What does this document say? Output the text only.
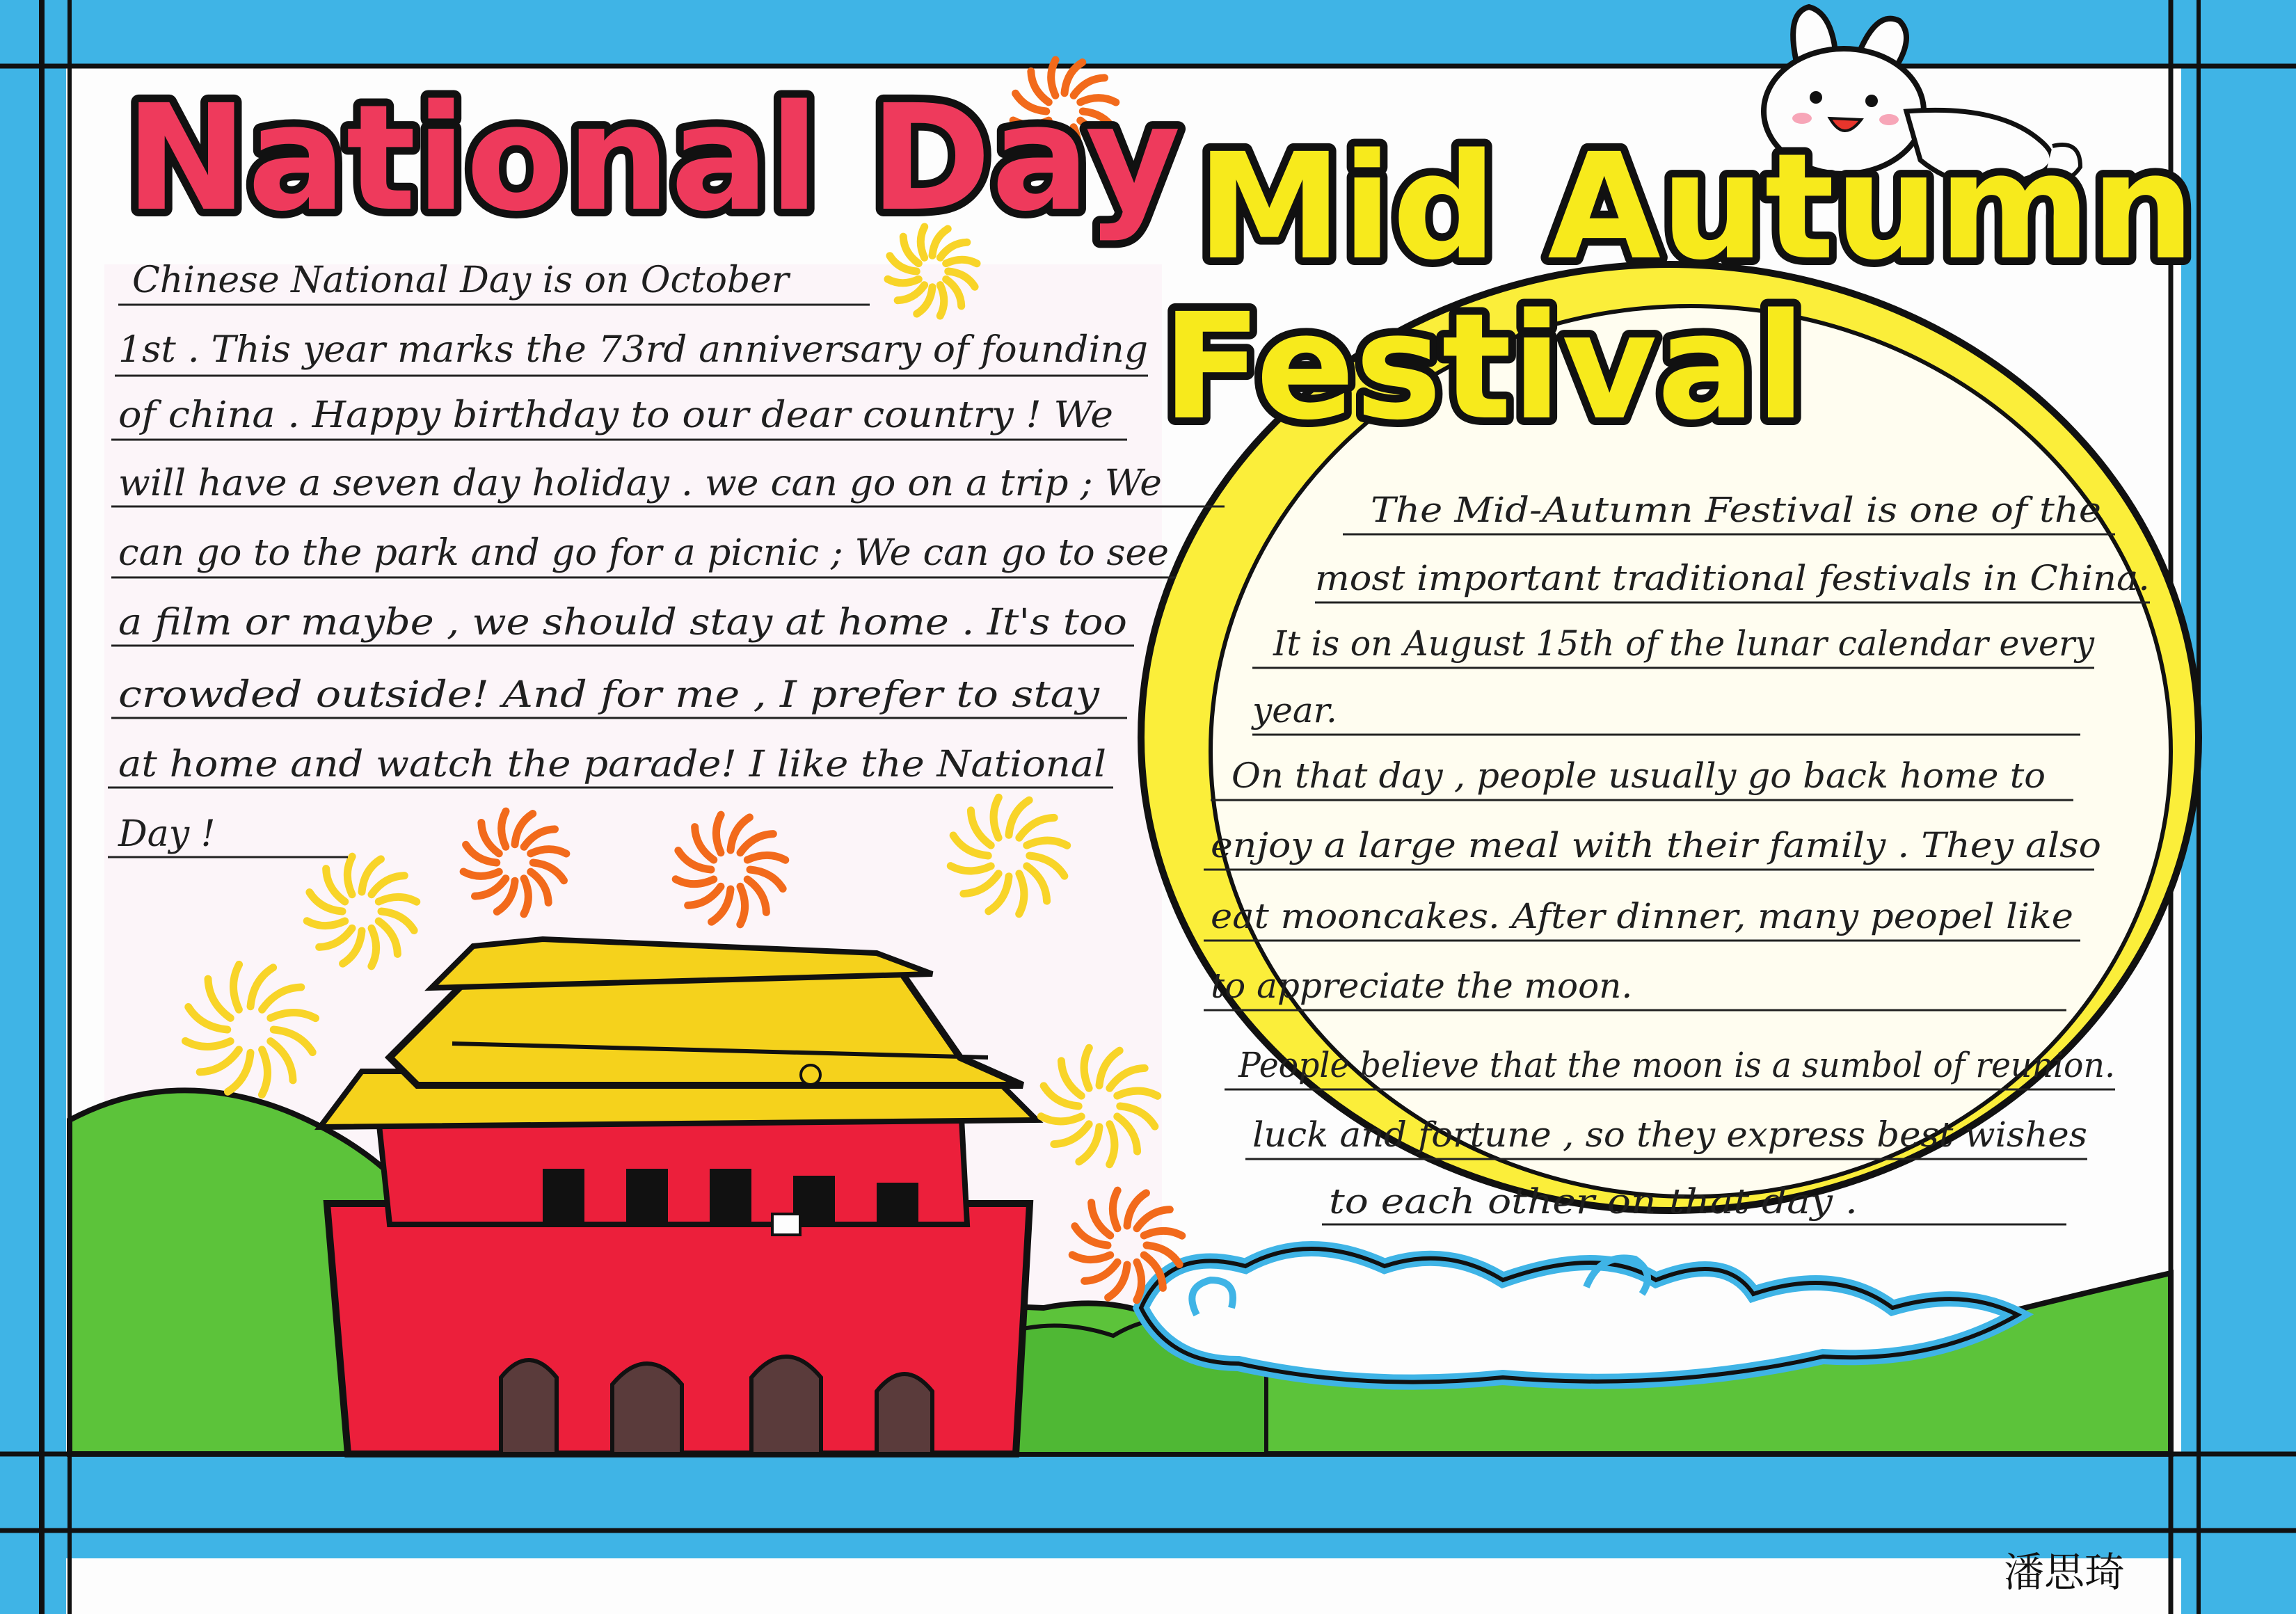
National Day Mid Autumn
Festival
Chinese National Day is on October
1st . This year marks the 73rd anniversary of founding
of china . Happy birthday to our dear country ! We
will have a seven day holiday . we can go on a trip ; We
can go to the park and go for a picnic ; We can go to see
a film or maybe , we should stay at home . It's too
crowded outside! And for me , I prefer to stay
at home and watch the parade! I like the National
Day !
The Mid-Autumn Festival is one of the
most important traditional festivals in China.
It is on August 15th of the lunar calendar every
year.
On that day , people usually go back home to
enjoy a large meal with their family . They also
eat mooncakes. After dinner, many peopel like
to appreciate the moon.
People believe that the moon is a sumbol of reunion.
luck and fortune , so they express best wishes
to each other on that day .
潘思琦
